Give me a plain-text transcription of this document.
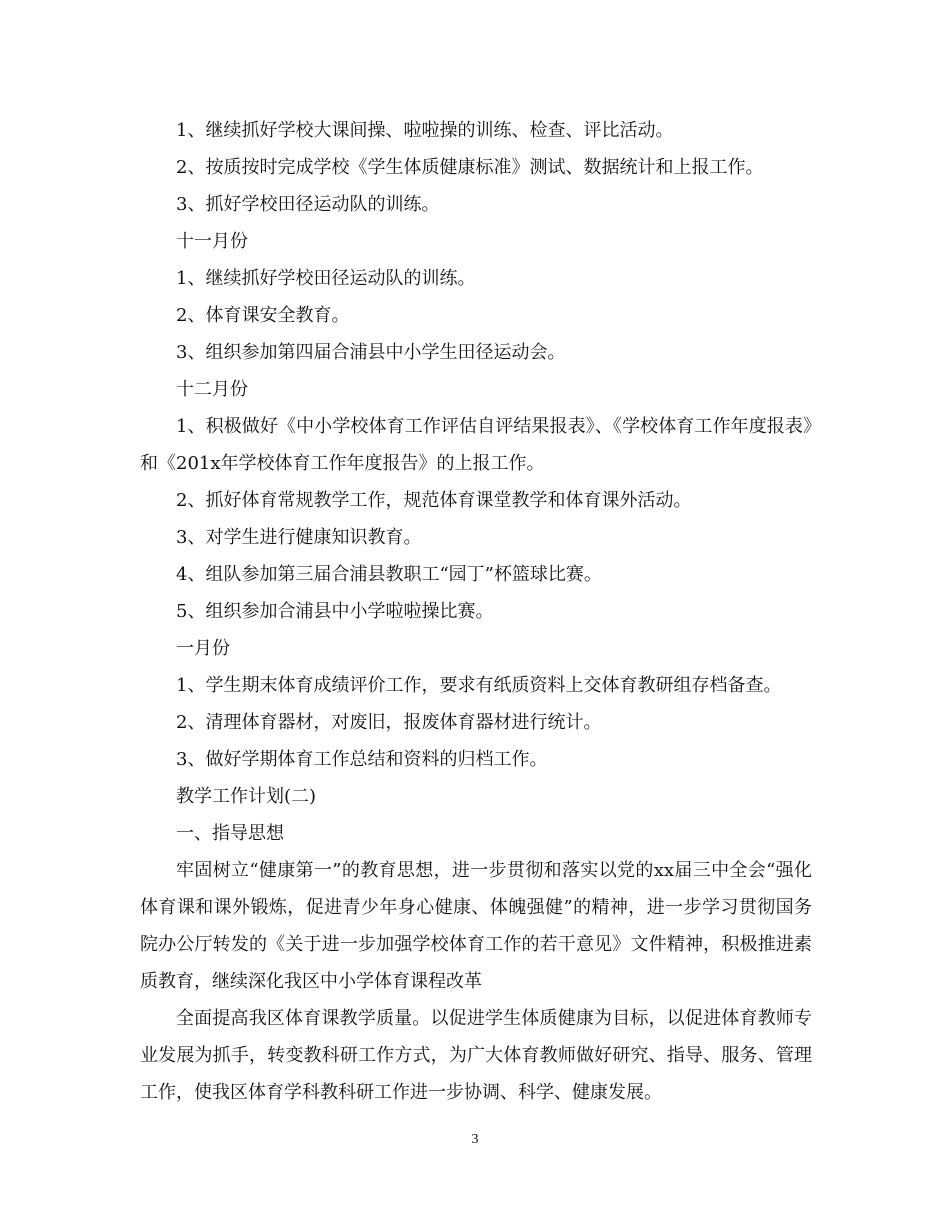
1、继续抓好学校大课间操、啦啦操的训练、检查、评比活动。

2、按质按时完成学校《学生体质健康标准》测试、数据统计和上报工作。

3、抓好学校田径运动队的训练。

十一月份

1、继续抓好学校田径运动队的训练。

2、体育课安全教育。

3、组织参加第四届合浦县中小学生田径运动会。

十二月份

1、积极做好《中小学校体育工作评估自评结果报表》、《学校体育工作年度报表》和《201x年学校体育工作年度报告》的上报工作。

2、抓好体育常规教学工作，规范体育课堂教学和体育课外活动。

3、对学生进行健康知识教育。

4、组队参加第三届合浦县教职工“园丁”杯篮球比赛。

5、组织参加合浦县中小学啦啦操比赛。

一月份

1、学生期末体育成绩评价工作，要求有纸质资料上交体育教研组存档备查。

2、清理体育器材，对废旧，报废体育器材进行统计。

3、做好学期体育工作总结和资料的归档工作。

教学工作计划(二)

一、指导思想

牢固树立“健康第一”的教育思想，进一步贯彻和落实以党的xx届三中全会“强化体育课和课外锻炼，促进青少年身心健康、体魄强健”的精神，进一步学习贯彻国务院办公厅转发的《关于进一步加强学校体育工作的若干意见》文件精神，积极推进素质教育，继续深化我区中小学体育课程改革

全面提高我区体育课教学质量。以促进学生体质健康为目标，以促进体育教师专业发展为抓手，转变教科研工作方式，为广大体育教师做好研究、指导、服务、管理工作，使我区体育学科教科研工作进一步协调、科学、健康发展。

3
